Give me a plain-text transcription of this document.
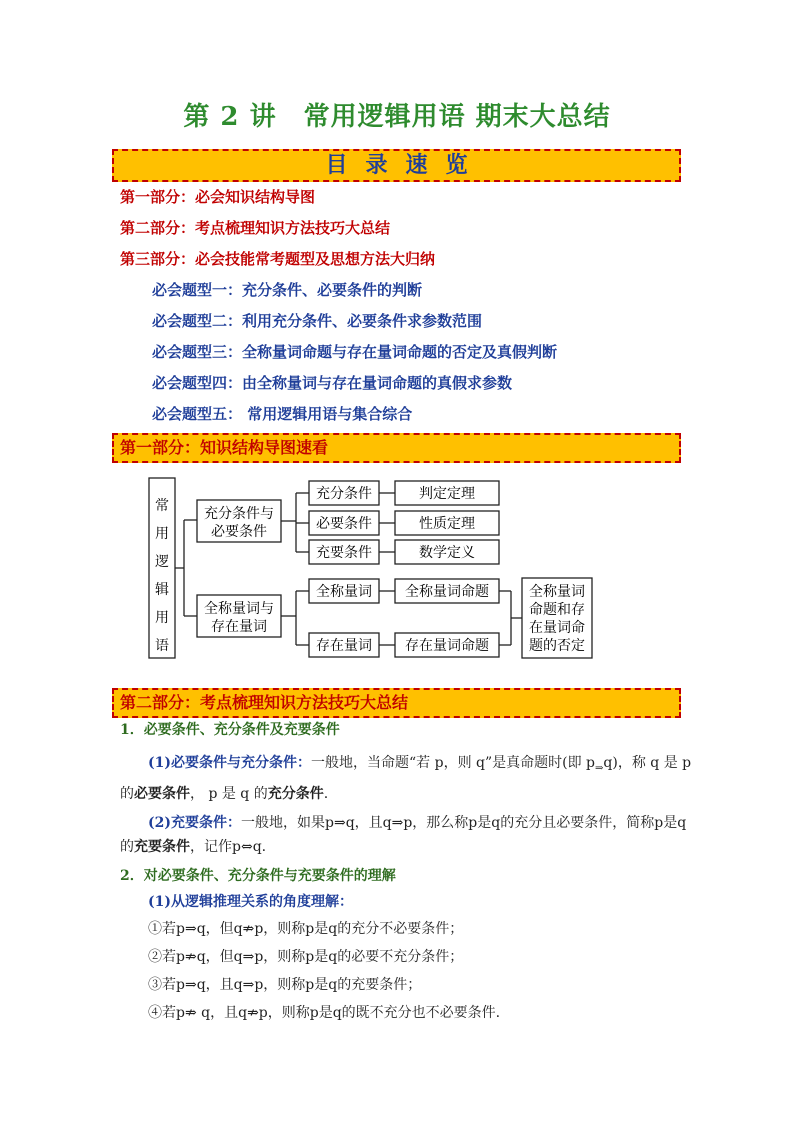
第 2 讲　常用逻辑用语 期末大总结
目录速览
第一部分：必会知识结构导图
第二部分：考点梳理知识方法技巧大总结
第三部分：必会技能常考题型及思想方法大归纳
必会题型一：充分条件、必要条件的判断
必会题型二：利用充分条件、必要条件求参数范围
必会题型三：全称量词命题与存在量词命题的否定及真假判断
必会题型四：由全称量词与存在量词命题的真假求参数
必会题型五： 常用逻辑用语与集合综合
第一部分：知识结构导图速看
常
用
逻
辑
用
语
充分条件与
必要条件
充分条件
必要条件
充要条件
判定定理
性质定理
数学定义
全称量词与
存在量词
全称量词
存在量词
全称量词命题
存在量词命题
全称量词
命题和存
在量词命
题的否定
第二部分：考点梳理知识方法技巧大总结
1．必要条件、充分条件及充要条件
(1)必要条件与充分条件：一般地，当命题“若 p，则 q”是真命题时(即 $p_\Rightarrow q$)，称 q 是 p
的必要条件， p 是 q 的充分条件.
(2)充要条件：一般地，如果p⇒q，且q⇒p，那么称p是q的充分且必要条件，简称p是q
的充要条件，记作p⇔q.
2．对必要条件、充分条件与充要条件的理解
(1)从逻辑推理关系的角度理解：
①若p⇒q，但q⇏p，则称p是q的充分不必要条件；
②若p⇏q，但q⇒p，则称p是q的必要不充分条件；
③若p⇒q，且q⇒p，则称p是q的充要条件；
④若p⇏ q，且q⇏p，则称p是q的既不充分也不必要条件.
